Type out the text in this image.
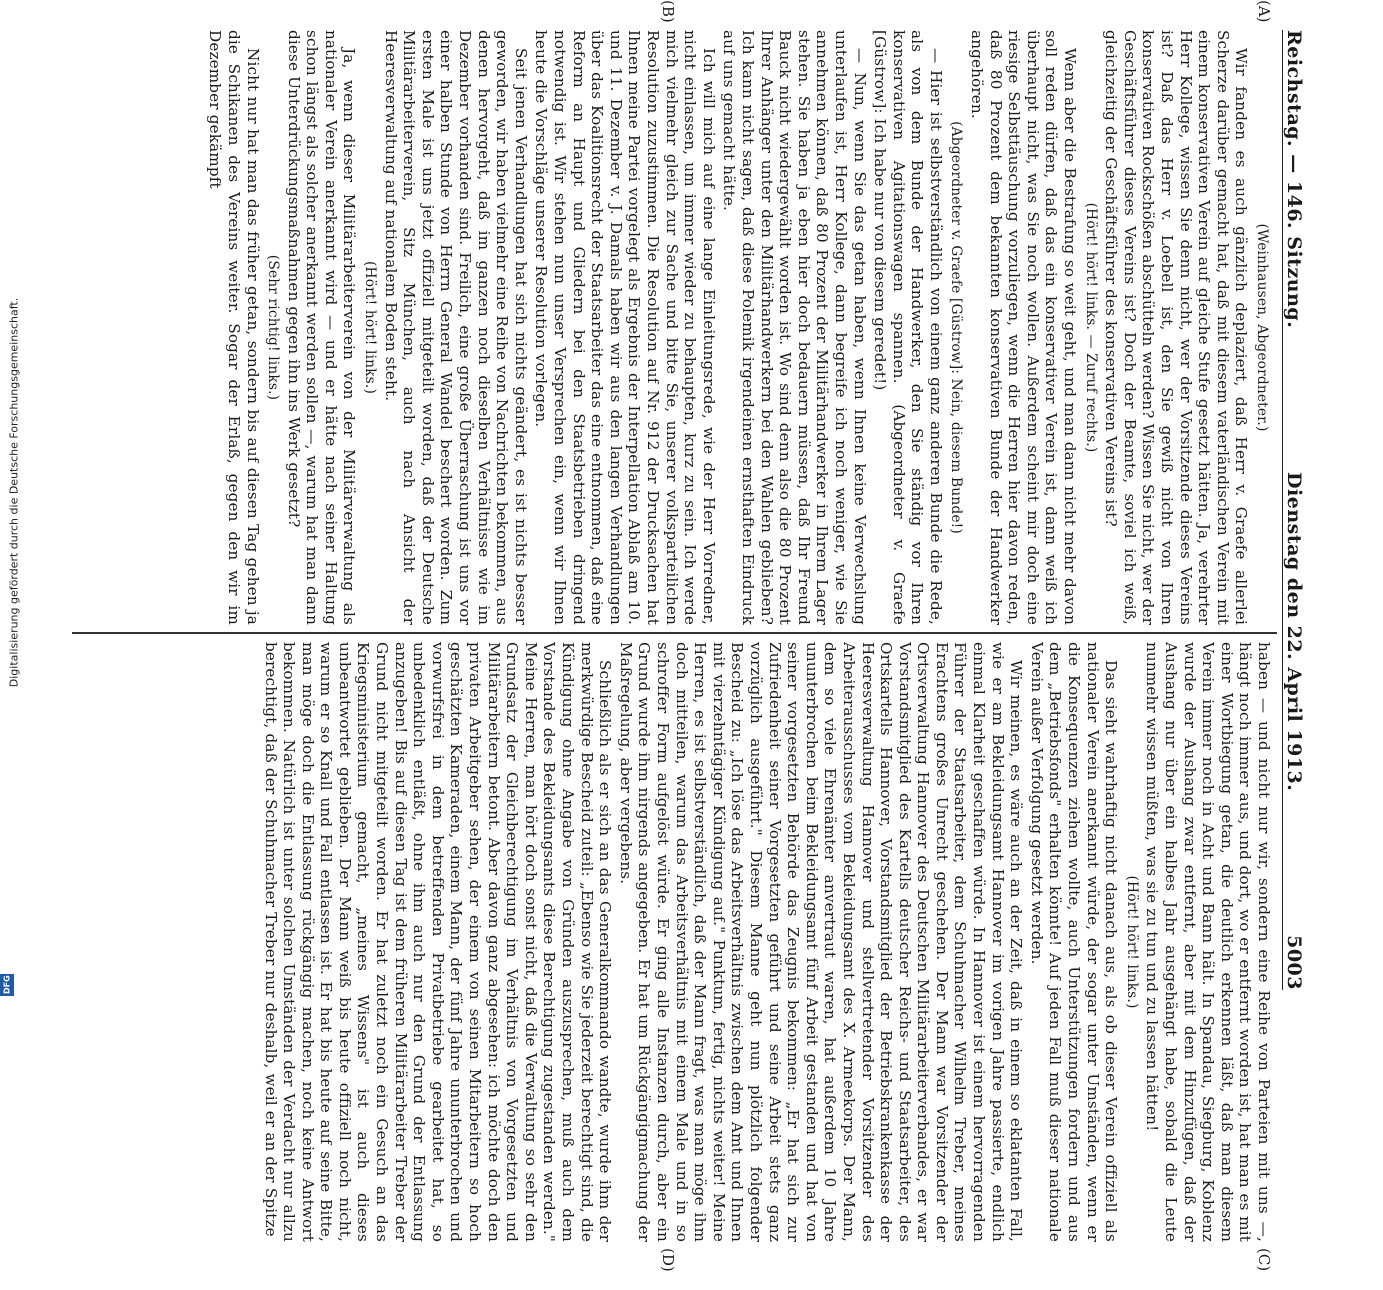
Digitalisierung gefördert durch die Deutsche Forschungsgemeinschaft.
DFG
Reichstag. — 146. Sitzung.
Dienstag den 22. April 1913.
5003
(A)
(B)
(C)
(D)

(Weinhausen, Abgeordneter.)

Wir fanden es auch gänzlich deplaziert, daß Herr v. Graefe allerlei Scherze darüber gemacht hat, daß mit diesem vaterländischen Verein mit einem konservativen Verein auf gleiche Stufe gesetzt hätten. Ja, verehrter Herr Kollege, wissen Sie denn nicht, wer der Vorsitzende dieses Vereins ist? Daß das Herr v. Loebell ist, den Sie gewiß nicht von Ihren konservativen Rockschößen abschütteln werden? Wissen Sie nicht, wer der Geschäftsführer dieses Vereins ist? Doch der Beamte, soviel ich weiß, gleichzeitig der Geschäftsführer des konservativen Vereins ist?

(Hört! hört! links. — Zuruf rechts.)

Wenn aber die Bestrafung so weit geht, und man dann nicht mehr davon soll reden dürfen, daß das ein konservativer Verein ist, dann weiß ich überhaupt nicht, was Sie noch wollen. Außerdem scheint mir doch eine riesige Selbsttäuschung vorzuliegen, wenn die Herren hier davon reden, daß 80 Prozent dem bekannten konservativen Bunde der Handwerker angehören.

(Abgeordneter v. Graefe [Güstrow]: Nein, diesem Bunde!)

— Hier ist selbstverständlich von einem ganz anderen Bunde die Rede, als von dem Bunde der Handwerker, den Sie ständig vor Ihren konservativen Agitationswagen spannen. (Abgeordneter v. Graefe [Güstrow]: Ich habe nur von diesem geredet!)

— Nun, wenn Sie das getan haben, wenn Ihnen keine Verwechslung unterlaufen ist, Herr Kollege, dann begreife ich noch weniger, wie Sie annehmen können, daß 80 Prozent der Militärhandwerker in Ihrem Lager stehen. Sie haben ja eben hier doch bedauern müssen, daß Ihr Freund Bauck nicht wiedergewählt worden ist. Wo sind denn also die 80 Prozent Ihrer Anhänger unter den Militärhandwerkern bei den Wahlen geblieben? Ich kann nicht sagen, daß diese Polemik irgendeinen ernsthaften Eindruck auf uns gemacht hätte.

Ich will mich auf eine lange Einleitungsrede, wie der Herr Vorredner, nicht einlassen, um immer wieder zu behaupten, kurz zu sein. Ich werde mich vielmehr gleich zur Sache und bitte Sie, unserer volksparteilichen Resolution zuzustimmen. Die Resolution auf Nr. 912 der Drucksachen hat Ihnen meine Partei vorgelegt als Ergebnis der Interpellation Ablaß am 10. und 11. Dezember v. J. Damals haben wir aus den langen Verhandlungen über das Koalitionsrecht der Staatsarbeiter das eine entnommen, daß eine Reform an Haupt und Gliedern bei den Staatsbetrieben dringend notwendig ist. Wir stehen nun unser Versprechen ein, wenn wir Ihnen heute die Vorschläge unserer Resolution vorlegen.

Seit jenen Verhandlungen hat sich nichts geändert, es ist nichts besser geworden, wir haben vielmehr eine Reihe von Nachrichten bekommen, aus denen hervorgeht, daß im ganzen noch dieselben Verhältnisse wie im Dezember vorhanden sind. Freilich, eine große Überraschung ist uns vor einer halben Stunde von Herrn General Wandel beschert worden. Zum ersten Male ist uns jetzt offiziell mitgeteilt worden, daß der Deutsche Militärarbeiterverein, Sitz München, auch nach Ansicht der Heeresverwaltung auf nationalem Boden steht.

(Hört! hört! links.)

Ja, wenn dieser Militärarbeiterverein von der Militärverwaltung als nationaler Verein anerkannt wird — und er hätte nach seiner Haltung schon längst als solcher anerkannt werden sollen —, warum hat man dann diese Unterdrückungsmaßnahmen gegen ihn ins Werk gesetzt?

(Sehr richtig! links.)

Nicht nur hat man das früher getan, sondern bis auf diesen Tag gehen ja die Schikanen des Vereins weiter. Sogar der Erlaß, gegen den wir im Dezember gekämpft

haben — und nicht nur wir, sondern eine Reihe von Parteien mit uns —, hängt noch immer aus, und dort, wo er entfernt worden ist, hat man es mit einer Wortbiegung getan, die deutlich erkennen läßt, daß man diesem Verein immer noch in Acht und Bann hält. In Spandau, Siegburg, Koblenz wurde der Aushang zwar entfernt, aber mit dem Hinzufügen, daß der Aushang nur über ein halbes Jahr ausgehängt habe, sobald die Leute nunmehr wissen müßten, was sie zu tun und zu lassen hätten!

(Hört! hört! links.)

Das sieht wahrhaftig nicht danach aus, als ob dieser Verein offiziell als nationaler Verein anerkannt würde, der sogar unter Umständen, wenn er die Konsequenzen ziehen wollte, auch Unterstützungen fordern und aus dem „Betriebsfonds" erhalten könnte! Auf jeden Fall muß dieser nationale Verein außer Verfolgung gesetzt werden.

Wir meinen, es wäre auch an der Zeit, daß in einem so eklatanten Fall, wie er am Bekleidungsamt Hannover im vorigen Jahre passierte, endlich einmal Klarheit geschaffen würde. In Hannover ist einem hervorragenden Führer der Staatsarbeiter, dem Schuhmacher Wilhelm Treber, meines Erachtens großes Unrecht geschehen. Der Mann war Vorsitzender der Ortsverwaltung Hannover des Deutschen Militärarbeiterverbandes, er war Vorstandsmitglied des Kartells deutscher Reichs- und Staatsarbeiter, des Ortskartells Hannover, Vorstandsmitglied der Betriebskrankenkasse der Heeresverwaltung Hannover und stellvertretender Vorsitzender des Arbeiterausschusses vom Bekleidungsamt des X. Armeekorps. Der Mann, dem so viele Ehrenämter anvertraut waren, hat außerdem 10 Jahre ununterbrochen beim Bekleidungsamt fünf Arbeit gestanden und hat von seiner vorgesetzten Behörde das Zeugnis bekommen: „Er hat sich zur Zufriedenheit seiner Vorgesetzten geführt und seine Arbeit stets ganz vorzüglich ausgeführt." Diesem Manne geht nun plötzlich folgender Bescheid zu: „Ich löse das Arbeitsverhältnis zwischen dem Amt und Ihnen mit vierzehntägiger Kündigung auf." Punktum, fertig, nichts weiter! Meine Herren, es ist selbstverständlich, daß der Mann fragt, was man möge ihm doch mitteilen, warum das Arbeitsverhältnis mit einem Male und in so schroffer Form aufgelöst würde. Er ging alle Instanzen durch, aber ein Grund wurde ihm nirgends angegeben. Er hat um Rückgängigmachung der Maßregelung, aber vergebens.

Schließlich als er sich an das Generalkommando wandte, wurde ihm der merkwürdige Bescheid zuteil: „Ebenso wie Sie jederzeit berechtigt sind, die Kündigung ohne Angabe von Gründen auszusprechen, muß auch dem Vorstande des Bekleidungsamts diese Berechtigung zugestanden werden." Meine Herren, man hört doch sonst nicht, daß die Verwaltung so sehr den Grundsatz der Gleichberechtigung im Verhältnis von Vorgesetzten und Militärarbeitern betont. Aber davon ganz abgesehen: ich möchte doch den privaten Arbeitgeber sehen, der einem von seinen Mitarbeitern so hoch geschätzten Kameraden, einem Mann, der fünf Jahre ununterbrochen und vorwurfsfrei in dem betreffenden Privatbetriebe gearbeitet hat, so unbedenklich entläßt, ohne ihm auch nur den Grund der Entlassung anzugeben! Bis auf diesen Tag ist dem früheren Militärarbeiter Treber der Grund nicht mitgeteilt worden. Er hat zuletzt noch ein Gesuch an das Kriegsministerium gemacht, „meines Wissens" ist auch dieses unbeantwortet geblieben. Der Mann weiß bis heute offiziell noch nicht, warum er so Knall und Fall entlassen ist. Er hat bis heute auf seine Bitte, man möge doch die Entlassung rückgängig machen, noch keine Antwort bekommen. Natürlich ist unter solchen Umständen der Verdacht nur allzu berechtigt, daß der Schuhmacher Treber nur deshalb, weil er an der Spitze
